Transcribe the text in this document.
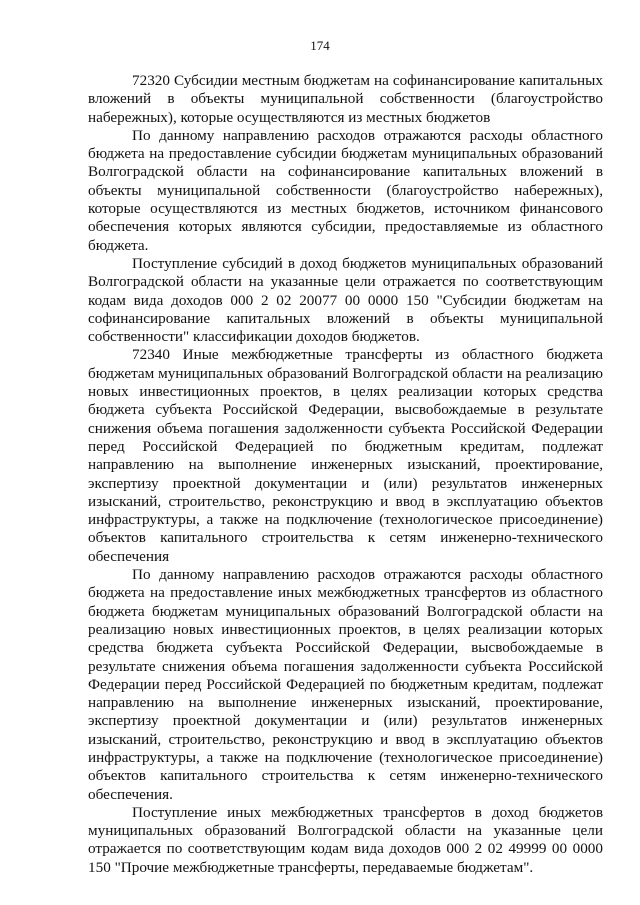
174

72320 Субсидии местным бюджетам на софинансирование капитальных вложений в объекты муниципальной собственности (благоустройство набережных), которые осуществляются из местных бюджетов

По данному направлению расходов отражаются расходы областного бюджета на предоставление субсидии бюджетам муниципальных образований Волгоградской области на софинансирование капитальных вложений в объекты муниципальной собственности (благоустройство набережных), которые осуществляются из местных бюджетов, источником финансового обеспечения которых являются субсидии, предоставляемые из областного бюджета.

Поступление субсидий в доход бюджетов муниципальных образований Волгоградской области на указанные цели отражается по соответствующим кодам вида доходов 000 2 02 20077 00 0000 150 "Субсидии бюджетам на софинансирование капитальных вложений в объекты муниципальной собственности" классификации доходов бюджетов.

72340 Иные межбюджетные трансферты из областного бюджета бюджетам муниципальных образований Волгоградской области на реализацию новых инвестиционных проектов, в целях реализации которых средства бюджета субъекта Российской Федерации, высвобождаемые в результате снижения объема погашения задолженности субъекта Российской Федерации перед Российской Федерацией по бюджетным кредитам, подлежат направлению на выполнение инженерных изысканий, проектирование, экспертизу проектной документации и (или) результатов инженерных изысканий, строительство, реконструкцию и ввод в эксплуатацию объектов инфраструктуры, а также на подключение (технологическое присоединение) объектов капитального строительства к сетям инженерно-технического обеспечения

По данному направлению расходов отражаются расходы областного бюджета на предоставление иных межбюджетных трансфертов из областного бюджета бюджетам муниципальных образований Волгоградской области на реализацию новых инвестиционных проектов, в целях реализации которых средства бюджета субъекта Российской Федерации, высвобождаемые в результате снижения объема погашения задолженности субъекта Российской Федерации перед Российской Федерацией по бюджетным кредитам, подлежат направлению на выполнение инженерных изысканий, проектирование, экспертизу проектной документации и (или) результатов инженерных изысканий, строительство, реконструкцию и ввод в эксплуатацию объектов инфраструктуры, а также на подключение (технологическое присоединение) объектов капитального строительства к сетям инженерно-технического обеспечения.

Поступление иных межбюджетных трансфертов в доход бюджетов муниципальных образований Волгоградской области на указанные цели отражается по соответствующим кодам вида доходов 000 2 02 49999 00 0000 150 "Прочие межбюджетные трансферты, передаваемые бюджетам".
